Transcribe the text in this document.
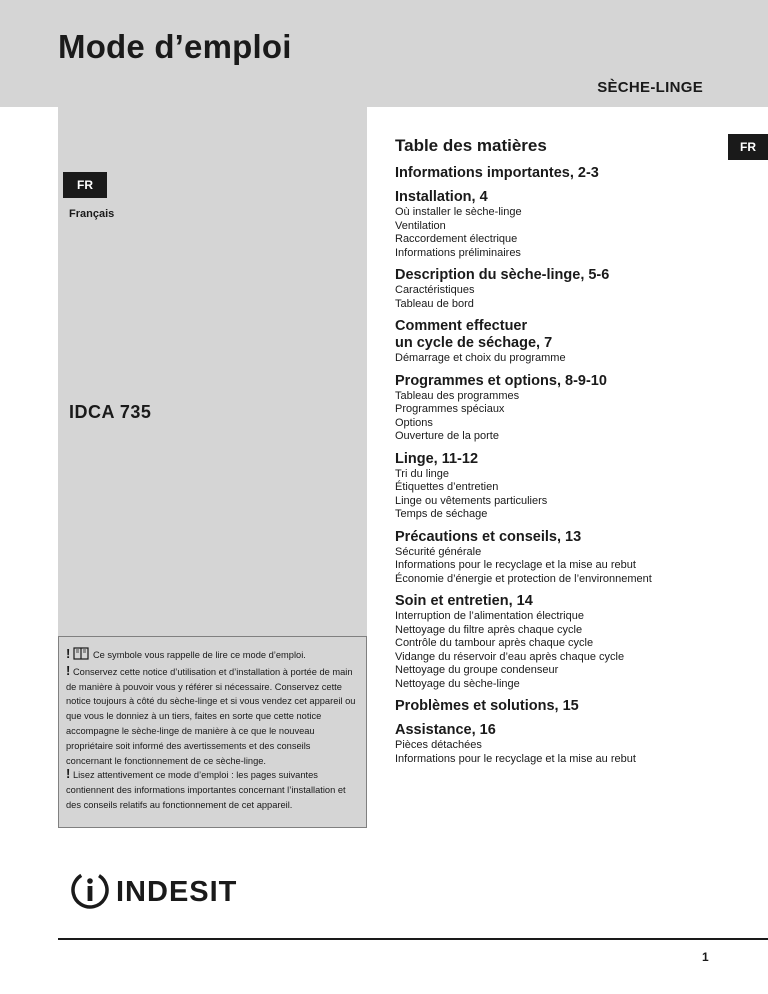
Mode d’emploi
SÈCHE-LINGE
FR
Français
IDCA 735
! Ce symbole vous rappelle de lire ce mode d’emploi.
! Conservez cette notice d’utilisation et d’installation à portée de main de manière à pouvoir vous y référer si nécessaire. Conservez cette notice toujours à côté du sèche-linge et si vous vendez cet appareil ou que vous le donniez à un tiers, faites en sorte que cette notice accompagne le sèche-linge de manière à ce que le nouveau propriétaire soit informé des avertissements et des conseils concernant le fonctionnement de ce sèche-linge.
! Lisez attentivement ce mode d’emploi : les pages suivantes contiennent des informations importantes concernant l’installation et des conseils relatifs au fonctionnement de cet appareil.
INDESIT
Table des matières	FR
Informations importantes, 2-3
Installation, 4
Où installer le sèche-linge
Ventilation
Raccordement électrique
Informations préliminaires
Description du sèche-linge, 5-6
Caractéristiques
Tableau de bord
Comment effectuer
un cycle de séchage, 7
Démarrage et choix du programme
Programmes et options, 8-9-10
Tableau des programmes
Programmes spéciaux
Options
Ouverture de la porte
Linge, 11-12
Tri du linge
Étiquettes d’entretien
Linge ou vêtements particuliers
Temps de séchage
Précautions et conseils, 13
Sécurité générale
Informations pour le recyclage et la mise au rebut
Économie d’énergie et protection de l’environnement
Soin et entretien, 14
Interruption de l’alimentation électrique
Nettoyage du filtre après chaque cycle
Contrôle du tambour après chaque cycle
Vidange du réservoir d’eau après chaque cycle
Nettoyage du groupe condenseur
Nettoyage du sèche-linge
Problèmes et solutions, 15
Assistance, 16
Pièces détachées
Informations pour le recyclage et la mise au rebut
1
